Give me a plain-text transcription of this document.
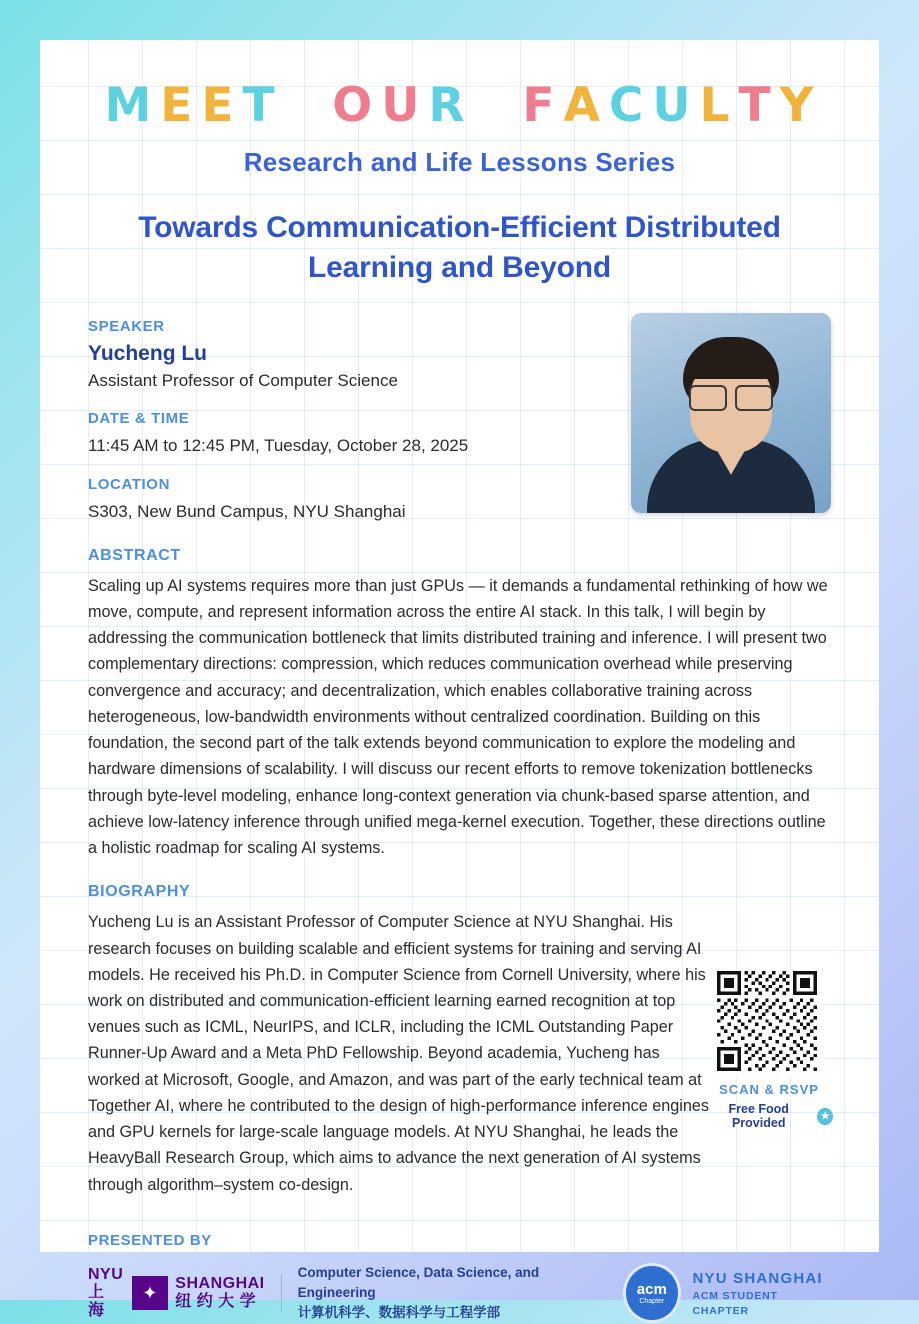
M E E T O U R F A C U L T Y
Research and Life Lessons Series
Towards Communication-Efficient Distributed Learning and Beyond
SPEAKER
Yucheng Lu
Assistant Professor of Computer Science
DATE & TIME
11:45 AM to 12:45 PM, Tuesday, October 28, 2025
LOCATION
S303, New Bund Campus, NYU Shanghai
ABSTRACT
Scaling up AI systems requires more than just GPUs — it demands a fundamental rethinking of how we move, compute, and represent information across the entire AI stack. In this talk, I will begin by addressing the communication bottleneck that limits distributed training and inference. I will present two complementary directions: compression, which reduces communication overhead while preserving convergence and accuracy; and decentralization, which enables collaborative training across heterogeneous, low-bandwidth environments without centralized coordination. Building on this foundation, the second part of the talk extends beyond communication to explore the modeling and hardware dimensions of scalability. I will discuss our recent efforts to remove tokenization bottlenecks through byte-level modeling, enhance long-context generation via chunk-based sparse attention, and achieve low-latency inference through unified mega-kernel execution. Together, these directions outline a holistic roadmap for scaling AI systems.
BIOGRAPHY
Yucheng Lu is an Assistant Professor of Computer Science at NYU Shanghai. His research focuses on building scalable and efficient systems for training and serving AI models. He received his Ph.D. in Computer Science from Cornell University, where his work on distributed and communication-efficient learning earned recognition at top venues such as ICML, NeurIPS, and ICLR, including the ICML Outstanding Paper Runner-Up Award and a Meta PhD Fellowship. Beyond academia, Yucheng has worked at Microsoft, Google, and Amazon, and was part of the early technical team at Together AI, where he contributed to the design of high-performance inference engines and GPU kernels for large-scale language models. At NYU Shanghai, he leads the HeavyBall Research Group, which aims to advance the next generation of AI systems through algorithm–system co-design.
SCAN & RSVP
Free Food Provided	★
PRESENTED BY
NYU
上 海
✦	SHANGHAI
纽 约 大 学
Computer Science, Data Science, and Engineering
计算机科学、数据科学与工程学部
acm
Chapter
NYU SHANGHAI
ACM STUDENT CHAPTER
